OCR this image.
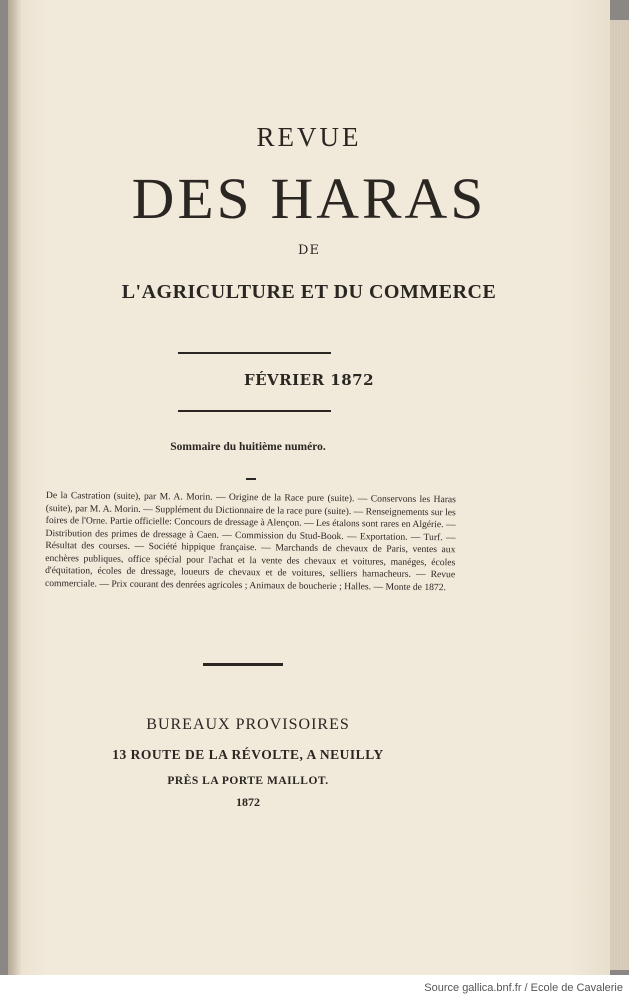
REVUE
DES HARAS
DE
L'AGRICULTURE ET DU COMMERCE
FÉVRIER 1872
Sommaire du huitième numéro.
De la Castration (suite), par M. A. Morin. — Origine de la Race pure (suite). — Conservons les Haras (suite), par M. A. Morin. — Supplément du Dictionnaire de la race pure (suite). — Renseignements sur les foires de l'Orne. Partie officielle: Concours de dressage à Alençon. — Les étalons sont rares en Algérie. — Distribution des primes de dressage à Caen. — Commission du Stud-Book. — Exportation. — Turf. — Résultat des courses. — Société hippique française. — Marchands de chevaux de Paris, ventes aux enchères publiques, office spécial pour l'achat et la vente des chevaux et voitures, manéges, écoles d'équitation, écoles de dressage, loueurs de chevaux et de voitures, selliers harnacheurs. — Revue commerciale. — Prix courant des denrées agricoles ; Animaux de boucherie ; Halles. — Monte de 1872.
BUREAUX PROVISOIRES
13 ROUTE DE LA RÉVOLTE, A NEUILLY
PRÈS LA PORTE MAILLOT.
1872
Source gallica.bnf.fr / Ecole de Cavalerie
